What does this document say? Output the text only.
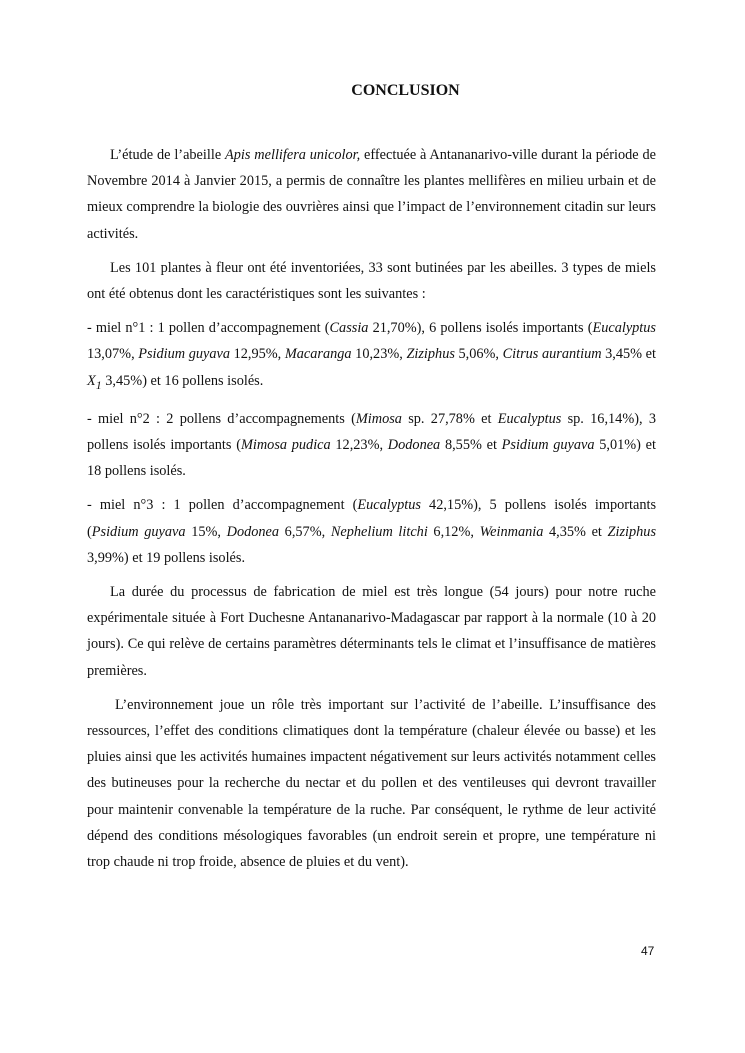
CONCLUSION

L’étude de l’abeille Apis mellifera unicolor, effectuée à Antananarivo-ville durant la période de Novembre 2014 à Janvier 2015, a permis de connaître les plantes mellifères en milieu urbain et de mieux comprendre la biologie des ouvrières ainsi que l’impact de l’environnement citadin sur leurs activités.

Les 101 plantes à fleur ont été inventoriées, 33 sont butinées par les abeilles. 3 types de miels ont été obtenus dont les caractéristiques sont les suivantes :

- miel n°1 : 1 pollen d’accompagnement (Cassia 21,70%), 6 pollens isolés importants (Eucalyptus 13,07%, Psidium guyava 12,95%, Macaranga 10,23%, Ziziphus 5,06%, Citrus aurantium 3,45% et $X_1$ 3,45%) et 16 pollens isolés.

- miel n°2 : 2 pollens d’accompagnements (Mimosa sp. 27,78% et Eucalyptus sp. 16,14%), 3 pollens isolés importants (Mimosa pudica 12,23%, Dodonea 8,55% et Psidium guyava 5,01%) et 18 pollens isolés.

- miel n°3 : 1 pollen d’accompagnement (Eucalyptus 42,15%), 5 pollens isolés importants (Psidium guyava 15%, Dodonea 6,57%, Nephelium litchi 6,12%, Weinmania 4,35% et Ziziphus 3,99%) et 19 pollens isolés.

La durée du processus de fabrication de miel est très longue (54 jours) pour notre ruche expérimentale située à Fort Duchesne Antananarivo-Madagascar par rapport à la normale (10 à 20 jours). Ce qui relève de certains paramètres déterminants tels le climat et l’insuffisance de matières premières.

L’environnement joue un rôle très important sur l’activité de l’abeille. L’insuffisance des ressources, l’effet des conditions climatiques dont la température (chaleur élevée ou basse) et les pluies ainsi que les activités humaines impactent négativement sur leurs activités notamment celles des butineuses pour la recherche du nectar et du pollen et des ventileuses qui devront travailler pour maintenir convenable la température de la ruche. Par conséquent, le rythme de leur activité dépend des conditions mésologiques favorables (un endroit serein et propre, une température ni trop chaude ni trop froide, absence de pluies et du vent).

47
